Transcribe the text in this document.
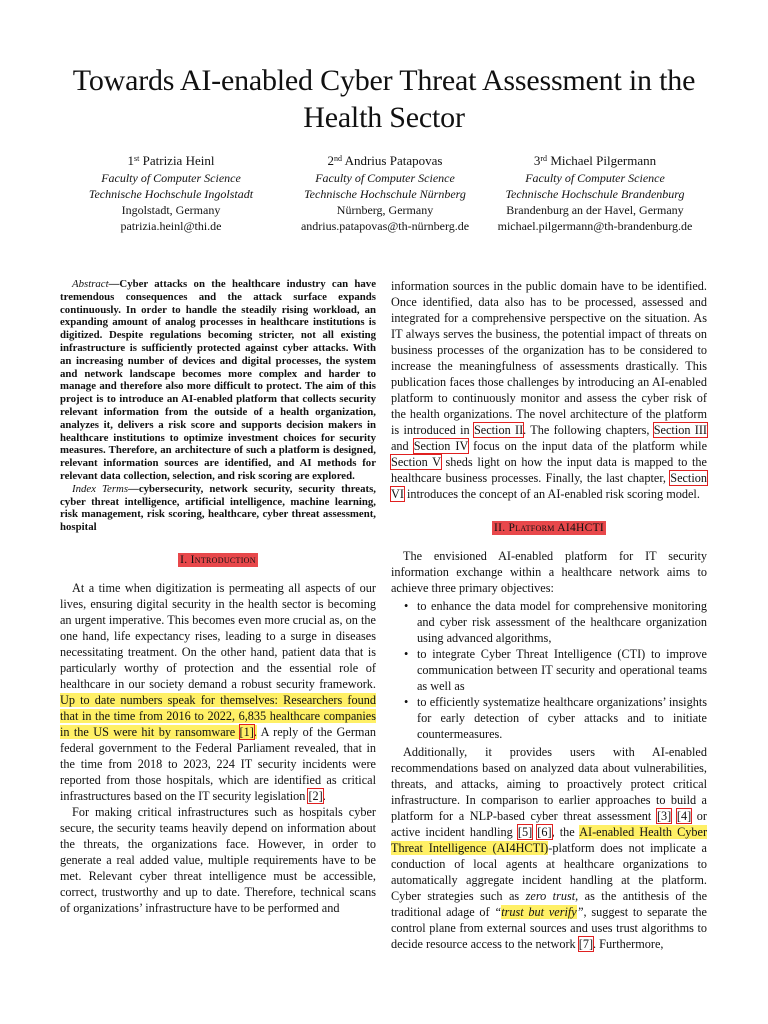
Towards AI-enabled Cyber Threat Assessment in the Health Sector
1st Patrizia Heinl
Faculty of Computer Science
Technische Hochschule Ingolstadt
Ingolstadt, Germany
patrizia.heinl@thi.de
2nd Andrius Patapovas
Faculty of Computer Science
Technische Hochschule Nürnberg
Nürnberg, Germany
andrius.patapovas@th-nürnberg.de
3rd Michael Pilgermann
Faculty of Computer Science
Technische Hochschule Brandenburg
Brandenburg an der Havel, Germany
michael.pilgermann@th-brandenburg.de

Abstract—Cyber attacks on the healthcare industry can have tremendous consequences and the attack surface expands continuously. In order to handle the steadily rising workload, an expanding amount of analog processes in healthcare institutions is digitized. Despite regulations becoming stricter, not all existing infrastructure is sufficiently protected against cyber attacks. With an increasing number of devices and digital processes, the system and network landscape becomes more complex and harder to manage and therefore also more difficult to protect. The aim of this project is to introduce an AI-enabled platform that collects security relevant information from the outside of a health organization, analyzes it, delivers a risk score and supports decision makers in healthcare institutions to optimize investment choices for security measures. Therefore, an architecture of such a platform is designed, relevant information sources are identified, and AI methods for relevant data collection, selection, and risk scoring are explored.

Index Terms—cybersecurity, network security, security threats, cyber threat intelligence, artificial intelligence, machine learning, risk management, risk scoring, healthcare, cyber threat assessment, hospital

I. Introduction

At a time when digitization is permeating all aspects of our lives, ensuring digital security in the health sector is becoming an urgent imperative. This becomes even more crucial as, on the one hand, life expectancy rises, leading to a surge in diseases necessitating treatment. On the other hand, patient data that is particularly worthy of protection and the essential role of healthcare in our society demand a robust security framework. Up to date numbers speak for themselves: Researchers found that in the time from 2016 to 2022, 6,835 healthcare companies in the US were hit by ransomware [1]. A reply of the German federal government to the Federal Parliament revealed, that in the time from 2018 to 2023, 224 IT security incidents were reported from those hospitals, which are identified as critical infrastructures based on the IT security legislation [2].

For making critical infrastructures such as hospitals cyber secure, the security teams heavily depend on information about the threats, the organizations face. However, in order to generate a real added value, multiple requirements have to be met. Relevant cyber threat intelligence must be accessible, correct, trustworthy and up to date. Therefore, technical scans of organizations’ infrastructure have to be performed and

information sources in the public domain have to be identified. Once identified, data also has to be processed, assessed and integrated for a comprehensive perspective on the situation. As IT always serves the business, the potential impact of threats on business processes of the organization has to be considered to increase the meaningfulness of assessments drastically. This publication faces those challenges by introducing an AI-enabled platform to continuously monitor and assess the cyber risk of the health organizations. The novel architecture of the platform is introduced in Section II. The following chapters, Section III and Section IV focus on the input data of the platform while Section V sheds light on how the input data is mapped to the healthcare business processes. Finally, the last chapter, Section VI introduces the concept of an AI-enabled risk scoring model.

II. Platform AI4HCTI

The envisioned AI-enabled platform for IT security information exchange within a healthcare network aims to achieve three primary objectives:

• to enhance the data model for comprehensive monitoring and cyber risk assessment of the healthcare organization using advanced algorithms,
• to integrate Cyber Threat Intelligence (CTI) to improve communication between IT security and operational teams as well as
• to efficiently systematize healthcare organizations’ insights for early detection of cyber attacks and to initiate countermeasures.

Additionally, it provides users with AI-enabled recommendations based on analyzed data about vulnerabilities, threats, and attacks, aiming to proactively protect critical infrastructure. In comparison to earlier approaches to build a platform for a NLP-based cyber threat assessment [3] [4] or active incident handling [5] [6], the AI-enabled Health Cyber Threat Intelligence (AI4HCTI)-platform does not implicate a conduction of local agents at healthcare organizations to automatically aggregate incident handling at the platform. Cyber strategies such as zero trust, as the antithesis of the traditional adage of “trust but verify”, suggest to separate the control plane from external sources and uses trust algorithms to decide resource access to the network [7]. Furthermore,
